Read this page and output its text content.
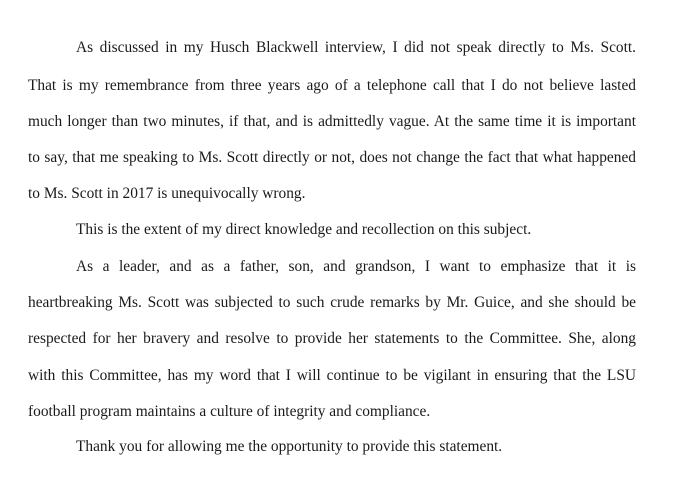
As discussed in my Husch Blackwell interview, I did not speak directly to Ms. Scott.
That is my remembrance from three years ago of a telephone call that I do not believe lasted
much longer than two minutes, if that, and is admittedly vague. At the same time it is important
to say, that me speaking to Ms. Scott directly or not, does not change the fact that what happened
to Ms. Scott in 2017 is unequivocally wrong.
This is the extent of my direct knowledge and recollection on this subject.
As a leader, and as a father, son, and grandson, I want to emphasize that it is
heartbreaking Ms. Scott was subjected to such crude remarks by Mr. Guice, and she should be
respected for her bravery and resolve to provide her statements to the Committee. She, along
with this Committee, has my word that I will continue to be vigilant in ensuring that the LSU
football program maintains a culture of integrity and compliance.
Thank you for allowing me the opportunity to provide this statement.
